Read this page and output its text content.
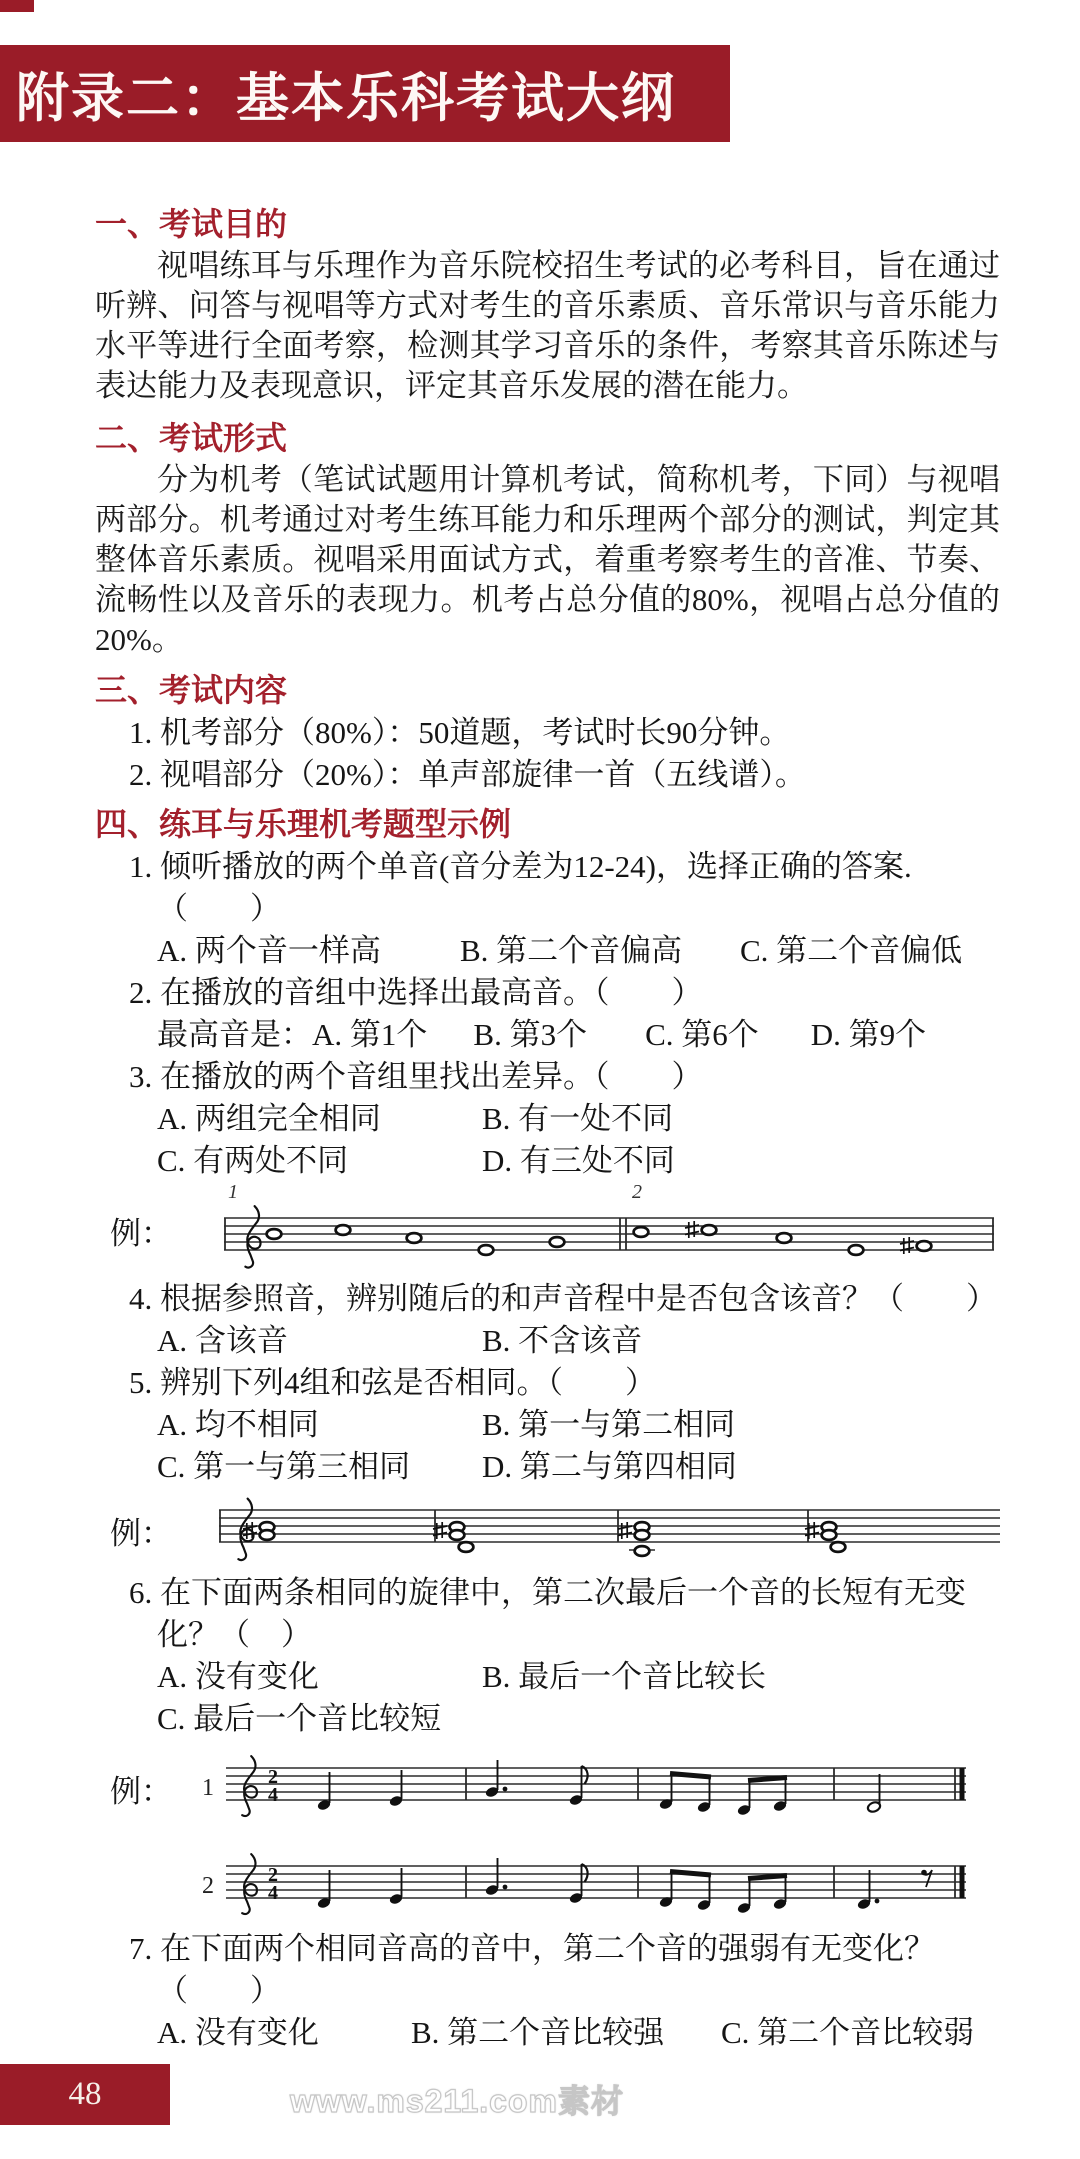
附录二：基本乐科考试大纲
一、考试目的

视唱练耳与乐理作为音乐院校招生考试的必考科目，旨在通过听辨、问答与视唱等方式对考生的音乐素质、音乐常识与音乐能力水平等进行全面考察，检测其学习音乐的条件，考察其音乐陈述与表达能力及表现意识，评定其音乐发展的潜在能力。

二、考试形式

分为机考（笔试试题用计算机考试，简称机考，下同）与视唱两部分。机考通过对考生练耳能力和乐理两个部分的测试，判定其整体音乐素质。视唱采用面试方式，着重考察考生的音准、节奏、流畅性以及音乐的表现力。机考占总分值的80%，视唱占总分值的20%。

三、考试内容
1. 机考部分（80%）：50道题，考试时长90分钟。
2. 视唱部分（20%）：单声部旋律一首（五线谱）。
四、练耳与乐理机考题型示例
1. 倾听播放的两个单音(音分差为12-24)，选择正确的答案.
（　　）
A. 两个音一样高	B. 第二个音偏高 C. 第二个音偏低
2. 在播放的音组中选择出最高音。（　　）
最高音是：A. 第1个 B. 第3个 C. 第6个 D. 第9个
3. 在播放的两个音组里找出差异。（　　）
A. 两组完全相同	B. 有一处不同
C. 有两处不同	D. 有三处不同
例：
1	2
4. 根据参照音，辨别随后的和声音程中是否包含该音？（　　）
A. 含该音	B. 不含该音
5. 辨别下列4组和弦是否相同。（　　）
A. 均不相同	B. 第一与第二相同
C. 第一与第三相同 D. 第二与第四相同
例：
6. 在下面两条相同的旋律中，第二次最后一个音的长短有无变化？（　）
A. 没有变化	B. 最后一个音比较长
C. 最后一个音比较短
例：	1	2
4
2	2
4
7. 在下面两个相同音高的音中，第二个音的强弱有无变化？
（　　）
A. 没有变化	B. 第二个音比较强 C. 第二个音比较弱
48	www.ms211.com素材
